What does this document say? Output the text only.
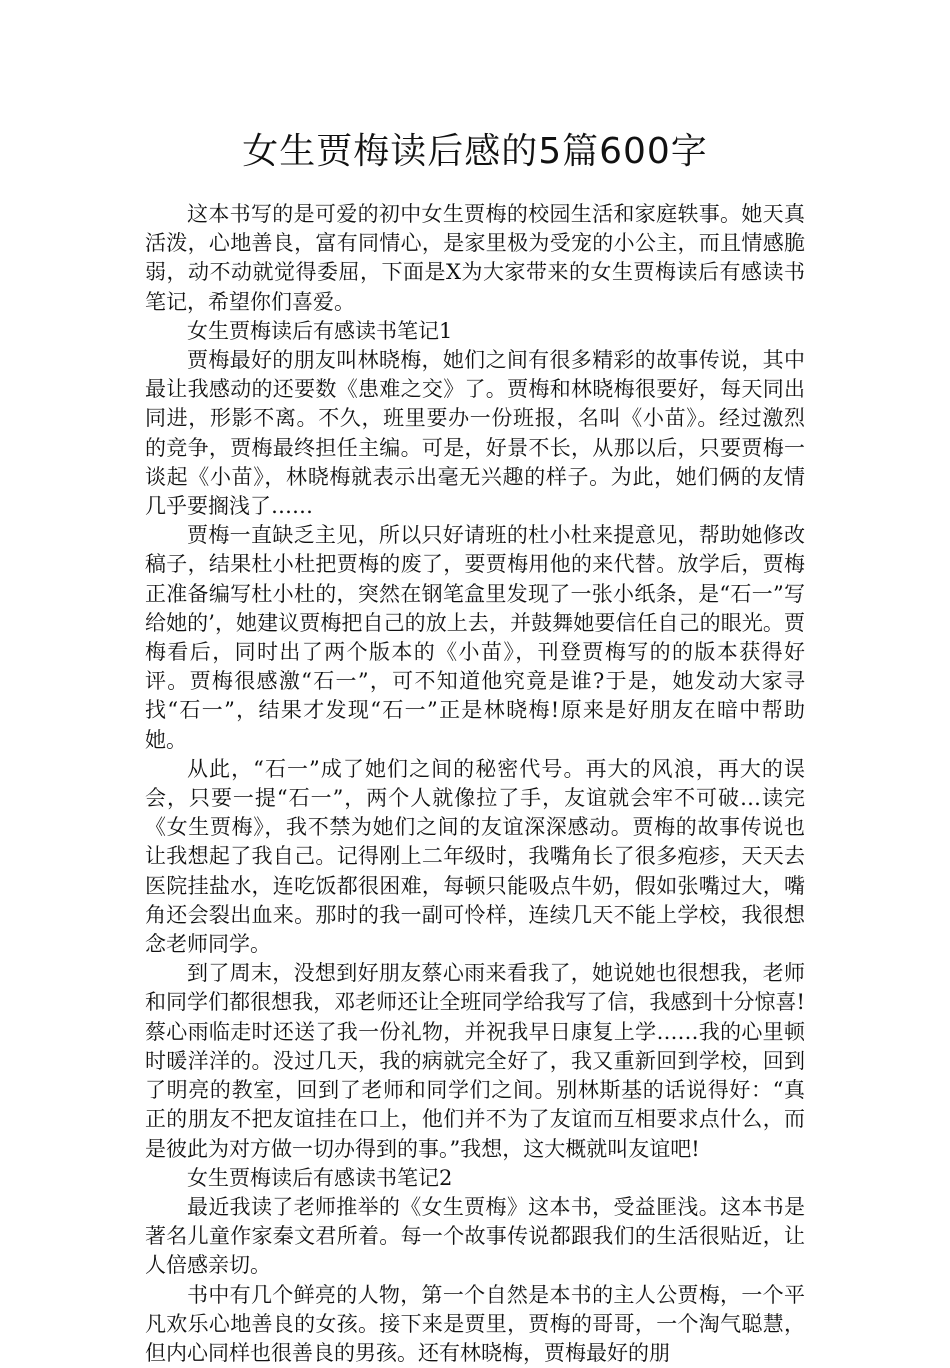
女生贾梅读后感的5篇600字

这本书写的是可爱的初中女生贾梅的校园生活和家庭轶事。她天真活泼，心地善良，富有同情心，是家里极为受宠的小公主，而且情感脆弱，动不动就觉得委屈，下面是X为大家带来的女生贾梅读后有感读书笔记，希望你们喜爱。

女生贾梅读后有感读书笔记1

贾梅最好的朋友叫林晓梅，她们之间有很多精彩的故事传说，其中最让我感动的还要数《患难之交》了。贾梅和林晓梅很要好，每天同出同进，形影不离。不久，班里要办一份班报，名叫《小苗》。经过激烈的竞争，贾梅最终担任主编。可是，好景不长，从那以后，只要贾梅一谈起《小苗》，林晓梅就表示出毫无兴趣的样子。为此，她们俩的友情几乎要搁浅了……

贾梅一直缺乏主见，所以只好请班的杜小杜来提意见，帮助她修改稿子，结果杜小杜把贾梅的废了，要贾梅用他的来代替。放学后，贾梅正准备编写杜小杜的，突然在钢笔盒里发现了一张小纸条，是“石一”写给她的’，她建议贾梅把自己的放上去，并鼓舞她要信任自己的眼光。贾梅看后，同时出了两个版本的《小苗》，刊登贾梅写的的版本获得好评。贾梅很感激“石一”，可不知道他究竟是谁?于是，她发动大家寻找“石一”，结果才发现“石一”正是林晓梅!原来是好朋友在暗中帮助她。

从此，“石一”成了她们之间的秘密代号。再大的风浪，再大的误会，只要一提“石一”，两个人就像拉了手，友谊就会牢不可破…读完《女生贾梅》，我不禁为她们之间的友谊深深感动。贾梅的故事传说也让我想起了我自己。记得刚上二年级时，我嘴角长了很多疱疹，天天去医院挂盐水，连吃饭都很困难，每顿只能吸点牛奶，假如张嘴过大，嘴角还会裂出血来。那时的我一副可怜样，连续几天不能上学校，我很想念老师同学。

到了周末，没想到好朋友蔡心雨来看我了，她说她也很想我，老师和同学们都很想我，邓老师还让全班同学给我写了信，我感到十分惊喜!蔡心雨临走时还送了我一份礼物，并祝我早日康复上学……我的心里顿时暖洋洋的。没过几天，我的病就完全好了，我又重新回到学校，回到了明亮的教室，回到了老师和同学们之间。别林斯基的话说得好：“真正的朋友不把友谊挂在口上，他们并不为了友谊而互相要求点什么，而是彼此为对方做一切办得到的事。”我想，这大概就叫友谊吧!

女生贾梅读后有感读书笔记2

最近我读了老师推举的《女生贾梅》这本书，受益匪浅。这本书是著名儿童作家秦文君所着。每一个故事传说都跟我们的生活很贴近，让人倍感亲切。

书中有几个鲜亮的人物，第一个自然是本书的主人公贾梅，一个平凡欢乐心地善良的女孩。接下来是贾里，贾梅的哥哥，一个淘气聪慧，但内心同样也很善良的男孩。还有林晓梅，贾梅最好的朋
